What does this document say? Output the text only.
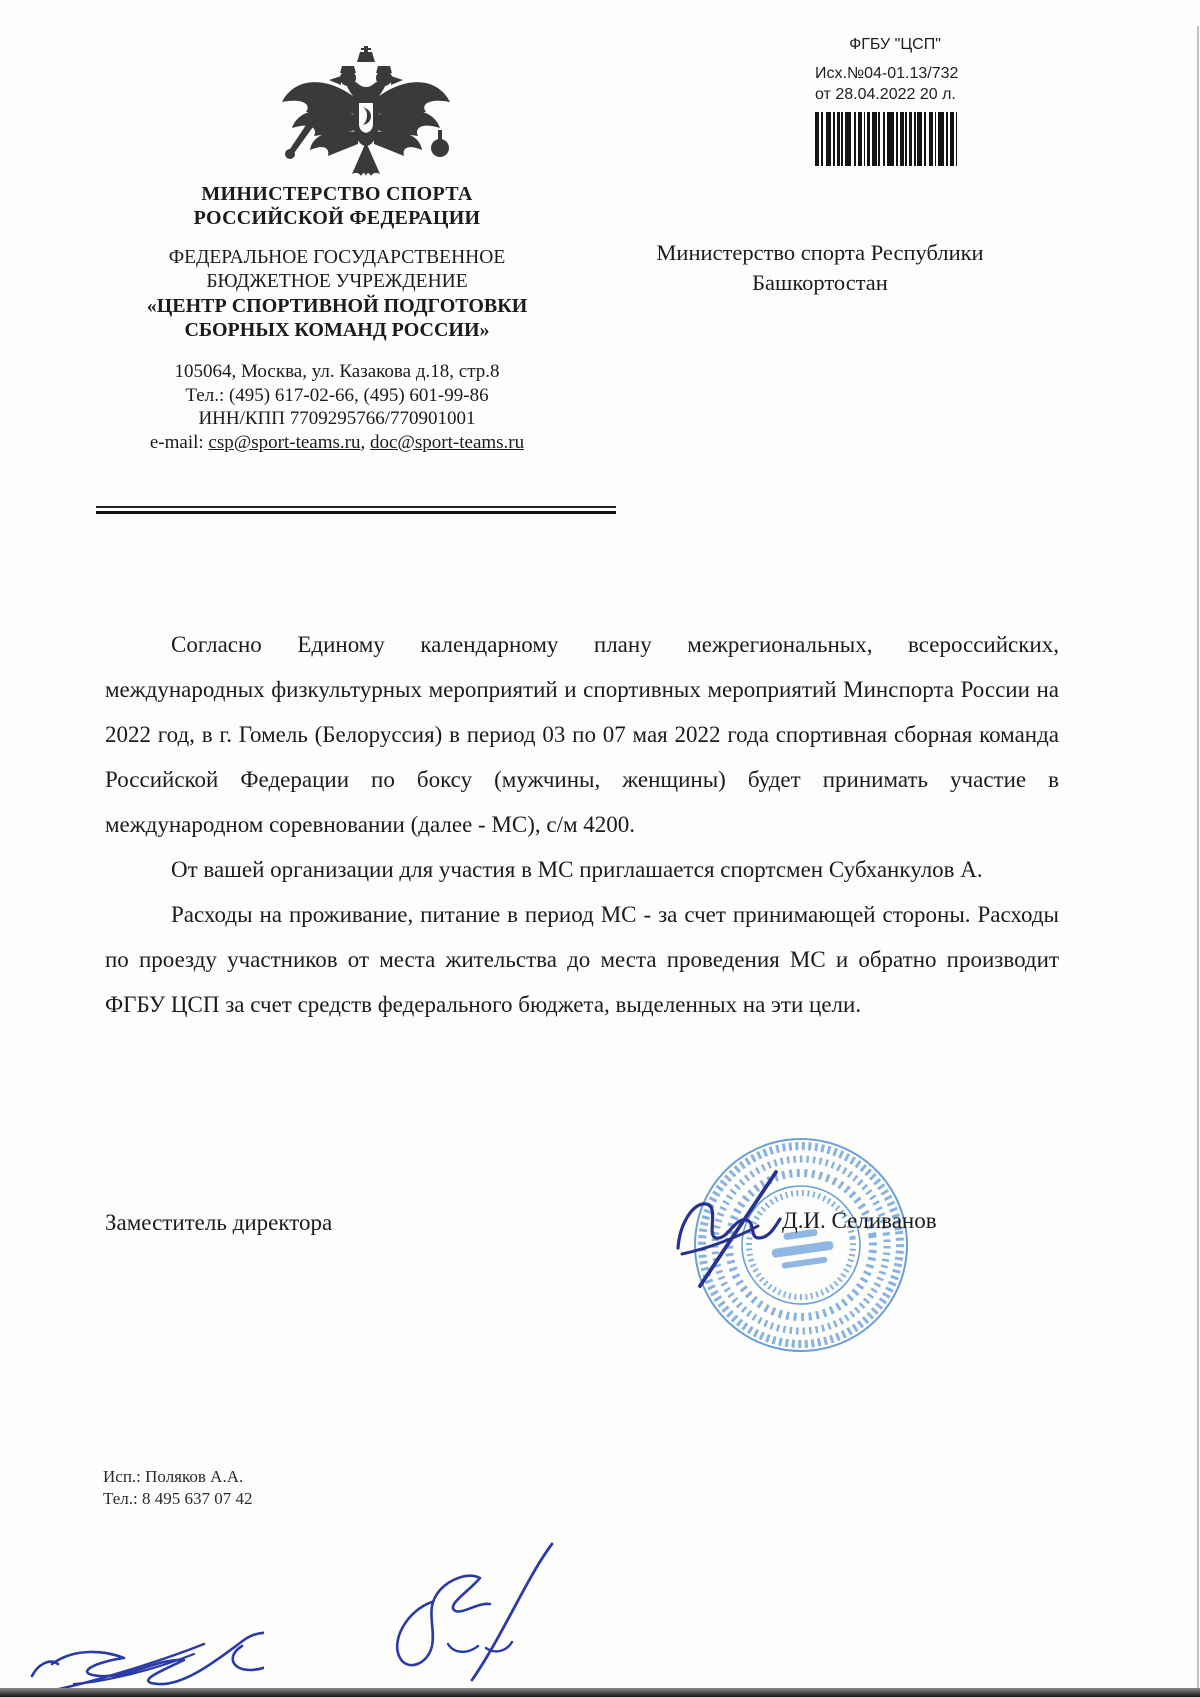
ФГБУ "ЦСП"
Исх.№04-01.13/732
от 28.04.2022 20 л.
МИНИСТЕРСТВО СПОРТА
РОССИЙСКОЙ ФЕДЕРАЦИИ
ФЕДЕРАЛЬНОЕ ГОСУДАРСТВЕННОЕ
БЮДЖЕТНОЕ УЧРЕЖДЕНИЕ
«ЦЕНТР СПОРТИВНОЙ ПОДГОТОВКИ
СБОРНЫХ КОМАНД РОССИИ»
105064, Москва, ул. Казакова д.18, стр.8
Тел.: (495) 617-02-66, (495) 601-99-86
ИНН/КПП 7709295766/770901001
e-mail: csp@sport-teams.ru, doc@sport-teams.ru
Министерство спорта Республики Башкортостан

Согласно Единому календарному плану межрегиональных, всероссийских, международных физкультурных мероприятий и спортивных мероприятий Минспорта России на 2022 год, в г. Гомель (Белоруссия) в период 03 по 07 мая 2022 года спортивная сборная команда Российской Федерации по боксу (мужчины, женщины) будет принимать участие в международном соревновании (далее - МС), с/м 4200.

От вашей организации для участия в МС приглашается спортсмен Субханкулов А.

Расходы на проживание, питание в период МС - за счет принимающей стороны. Расходы по проезду участников от места жительства до места проведения МС и обратно производит ФГБУ ЦСП за счет средств федерального бюджета, выделенных на эти цели.

Заместитель директора	Д.И. Селиванов
Исп.: Поляков А.А.
Тел.: 8 495 637 07 42
